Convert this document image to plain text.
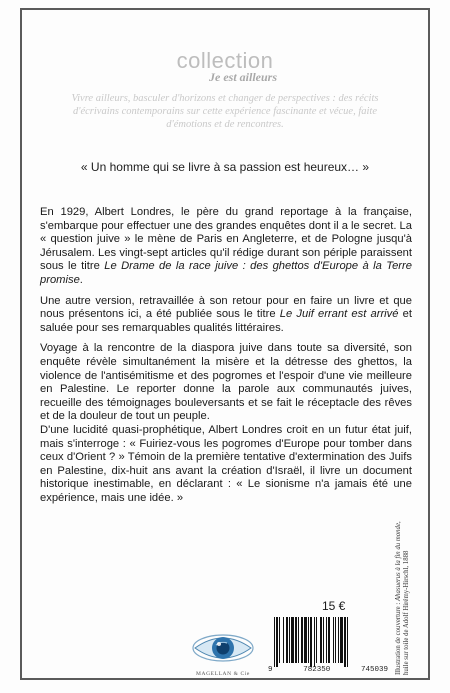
collection
Je est ailleurs
Vivre ailleurs, basculer d'horizons et changer de perspectives : des récits d'écrivains contemporains sur cette expérience fascinante et vécue, faite d'émotions et de rencontres.
« Un homme qui se livre à sa passion est heureux… »

En 1929, Albert Londres, le père du grand reportage à la française, s'embarque pour effectuer une des grandes enquêtes dont il a le secret. La « question juive » le mène de Paris en Angleterre, et de Pologne jusqu'à Jérusalem. Les vingt-sept articles qu'il rédige durant son périple paraissent sous le titre Le Drame de la race juive : des ghettos d'Europe à la Terre promise.

Une autre version, retravaillée à son retour pour en faire un livre et que nous présentons ici, a été publiée sous le titre Le Juif errant est arrivé et saluée pour ses remarquables qualités littéraires.

Voyage à la rencontre de la diaspora juive dans toute sa diversité, son enquête révèle simultanément la misère et la détresse des ghettos, la violence de l'antisémitisme et des pogromes et l'espoir d'une vie meilleure en Palestine. Le reporter donne la parole aux communautés juives, recueille des témoignages bouleversants et se fait le réceptacle des rêves et de la douleur de tout un peuple.

D'une lucidité quasi-prophétique, Albert Londres croit en un futur état juif, mais s'interroge : « Fuiriez-vous les pogromes d'Europe pour tomber dans ceux d'Orient ? » Témoin de la première tentative d'extermination des Juifs en Palestine, dix-huit ans avant la création d'Israël, il livre un document historique inestimable, en déclarant : « Le sionisme n'a jamais été une expérience, mais une idée. »

15 €
9	782350	745039 Illustration de couverture : Ahasuerus à la fin du monde, huile sur toile de Adolf Hirémy-Hirschl, 1888
MAGELLAN & Cie
